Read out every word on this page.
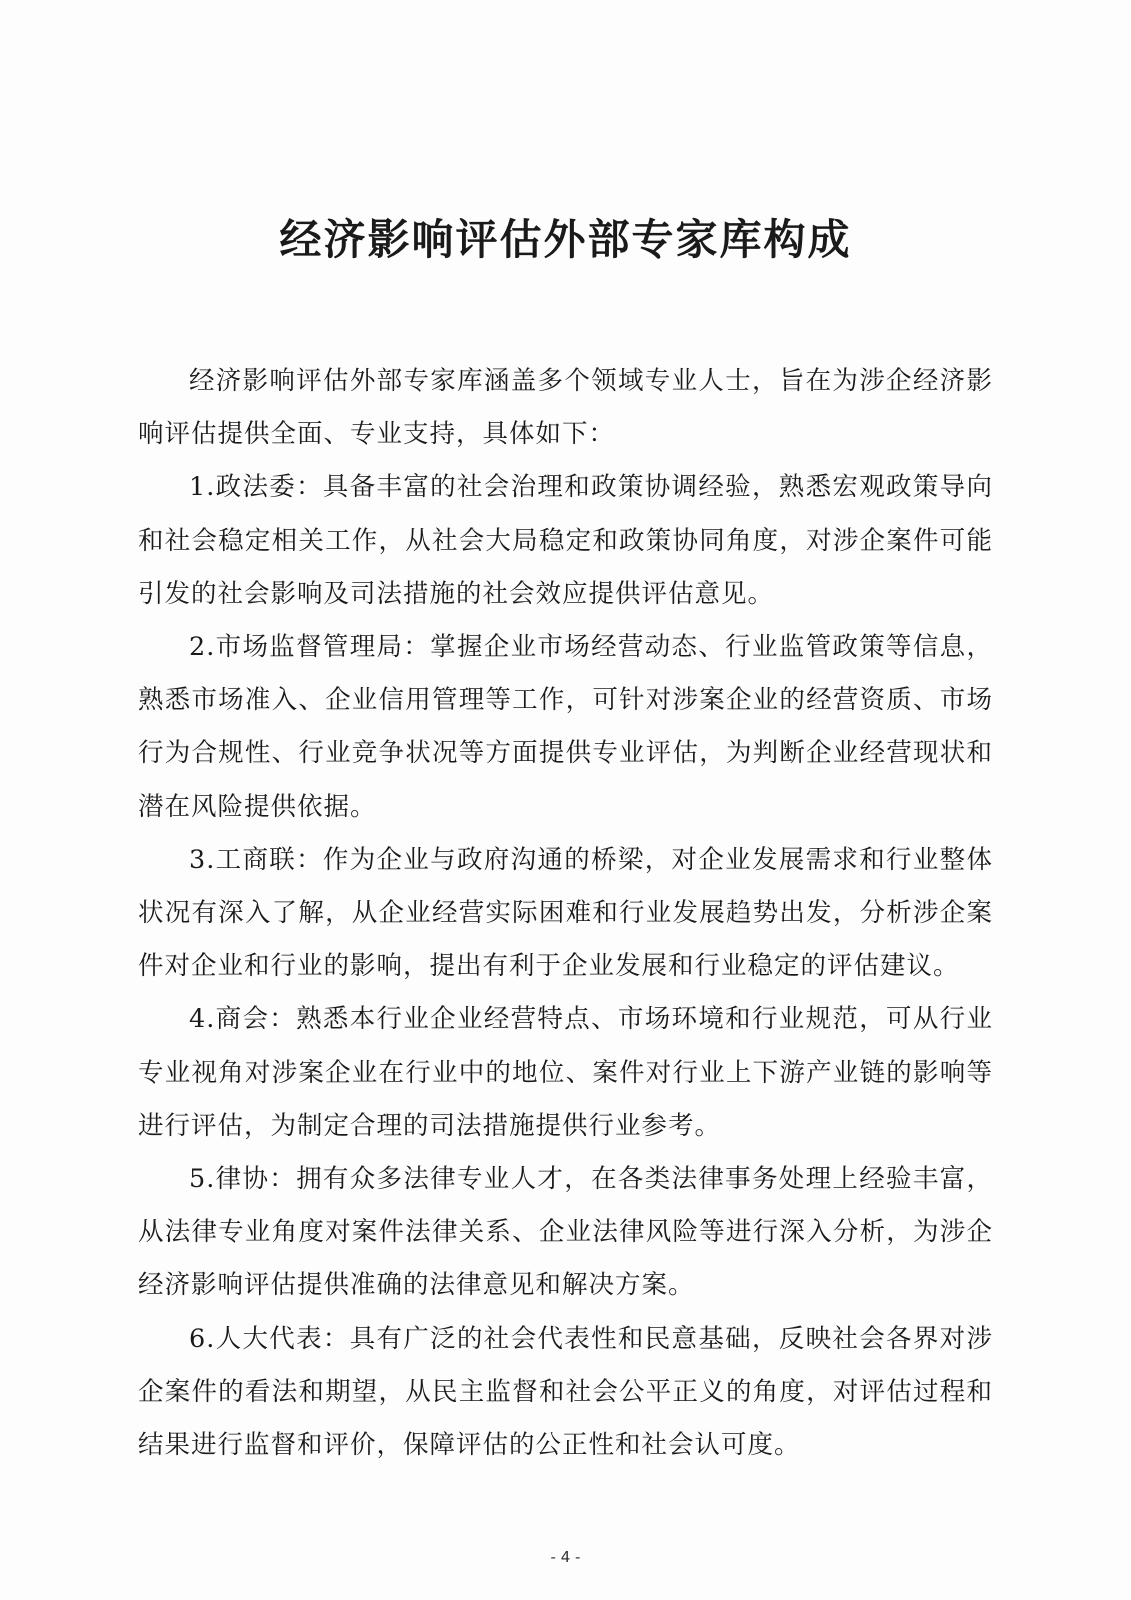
经济影响评估外部专家库构成

经济影响评估外部专家库涵盖多个领域专业人士，旨在为涉企经济影响评估提供全面、专业支持，具体如下：

1.政法委：具备丰富的社会治理和政策协调经验，熟悉宏观政策导向和社会稳定相关工作，从社会大局稳定和政策协同角度，对涉企案件可能引发的社会影响及司法措施的社会效应提供评估意见。

2.市场监督管理局：掌握企业市场经营动态、行业监管政策等信息，熟悉市场准入、企业信用管理等工作，可针对涉案企业的经营资质、市场行为合规性、行业竞争状况等方面提供专业评估，为判断企业经营现状和潜在风险提供依据。

3.工商联：作为企业与政府沟通的桥梁，对企业发展需求和行业整体状况有深入了解，从企业经营实际困难和行业发展趋势出发，分析涉企案件对企业和行业的影响，提出有利于企业发展和行业稳定的评估建议。

4.商会：熟悉本行业企业经营特点、市场环境和行业规范，可从行业专业视角对涉案企业在行业中的地位、案件对行业上下游产业链的影响等进行评估，为制定合理的司法措施提供行业参考。

5.律协：拥有众多法律专业人才，在各类法律事务处理上经验丰富，从法律专业角度对案件法律关系、企业法律风险等进行深入分析，为涉企经济影响评估提供准确的法律意见和解决方案。

6.人大代表：具有广泛的社会代表性和民意基础，反映社会各界对涉企案件的看法和期望，从民主监督和社会公平正义的角度，对评估过程和结果进行监督和评价，保障评估的公正性和社会认可度。

- 4 -
